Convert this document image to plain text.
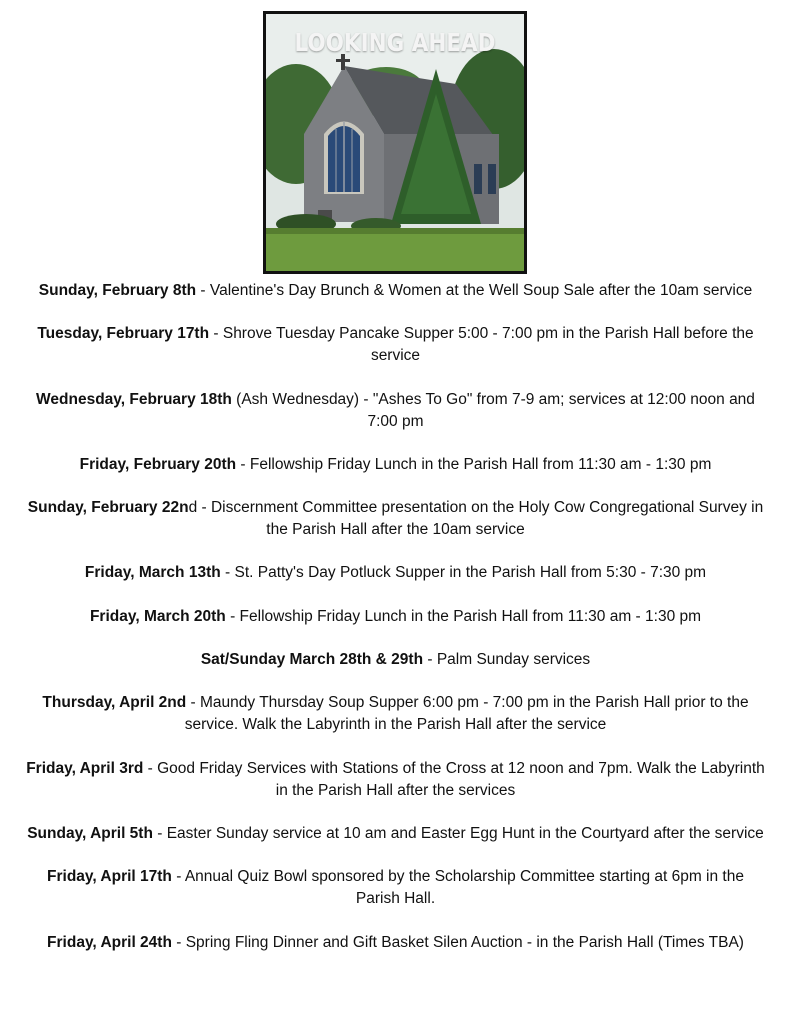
LOOKING AHEAD

Sunday, February 8th - Valentine's Day Brunch & Women at the Well Soup Sale after the 10am service

Tuesday, February 17th - Shrove Tuesday Pancake Supper 5:00 - 7:00 pm in the Parish Hall before the service

Wednesday, February 18th (Ash Wednesday) - "Ashes To Go" from 7-9 am; services at 12:00 noon and 7:00 pm

Friday, February 20th - Fellowship Friday Lunch in the Parish Hall from 11:30 am - 1:30 pm

Sunday, February 22nd - Discernment Committee presentation on the Holy Cow Congregational Survey in the Parish Hall after the 10am service

Friday, March 13th - St. Patty's Day Potluck Supper in the Parish Hall from 5:30 - 7:30 pm

Friday, March 20th - Fellowship Friday Lunch in the Parish Hall from 11:30 am - 1:30 pm

Sat/Sunday March 28th & 29th - Palm Sunday services

Thursday, April 2nd - Maundy Thursday Soup Supper 6:00 pm - 7:00 pm in the Parish Hall prior to the service. Walk the Labyrinth in the Parish Hall after the service

Friday, April 3rd - Good Friday Services with Stations of the Cross at 12 noon and 7pm. Walk the Labyrinth in the Parish Hall after the services

Sunday, April 5th - Easter Sunday service at 10 am and Easter Egg Hunt in the Courtyard after the service

Friday, April 17th - Annual Quiz Bowl sponsored by the Scholarship Committee starting at 6pm in the Parish Hall.

Friday, April 24th - Spring Fling Dinner and Gift Basket Silen Auction - in the Parish Hall (Times TBA)
